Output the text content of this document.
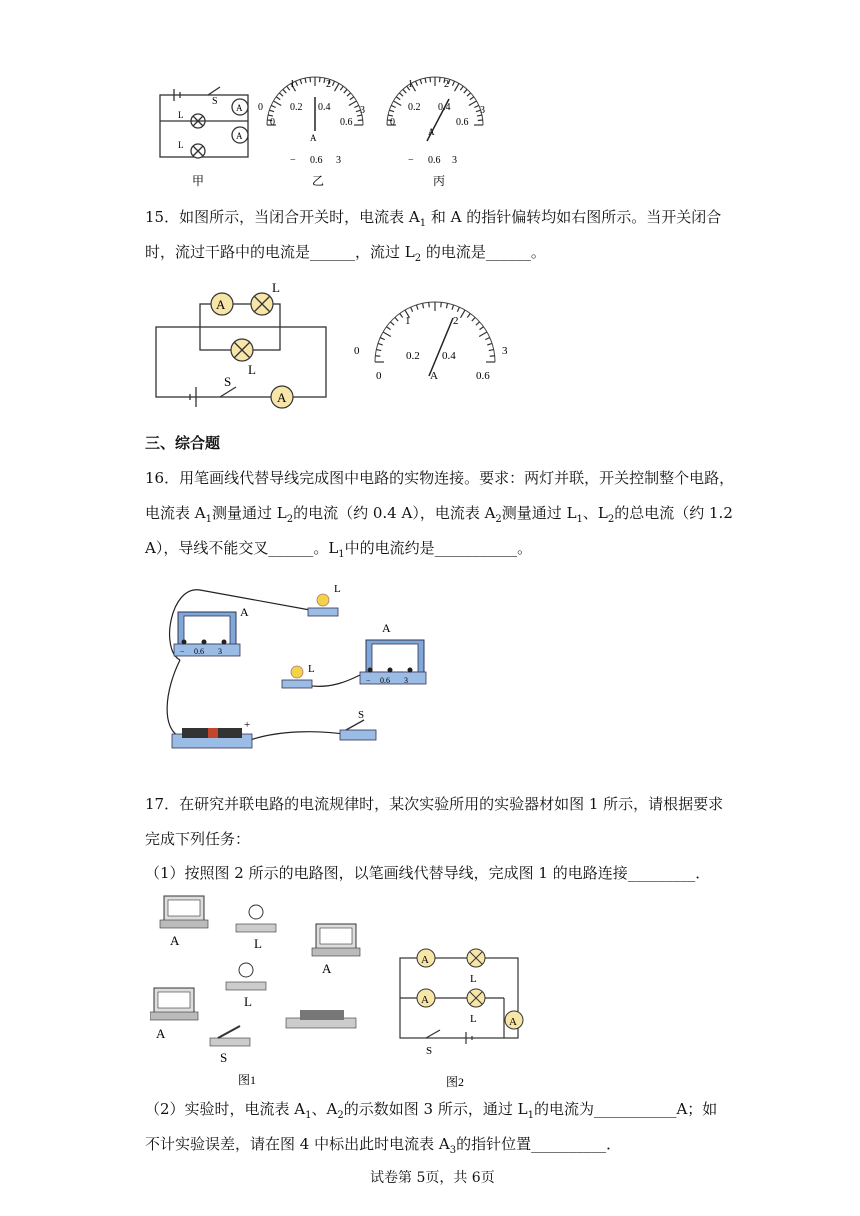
S
A
A
L
L
甲
1	2
0	0.2 0.4	3
0.6
0
A
− 0.6 3
乙
1	2
0.2 0.4	3
0	0.6
A
− 0.6 3
丙
15．如图所示，当闭合开关时，电流表 $A_1$ 和 A 的指针偏转均如右图所示。当开关闭合
时，流过干路中的电流是______，流过 $L_2$ 的电流是______。
A
L
L
S
A
1	2
0	0.2 0.4	3
0	A	0.6
三、综合题
16．用笔画线代替导线完成图中电路的实物连接。要求：两灯并联，开关控制整个电路，
电流表 $A_1$测量通过 $L_2$的电流（约 0.4 A），电流表 $A_2$测量通过 $L_1$、$L_2$的总电流（约 1.2
A），导线不能交叉______。$L_1$中的电流约是___________。
A
− 0.6 3
L
A
− 0.6 3
L
+
S
17．在研究并联电路的电流规律时，某次实验所用的实验器材如图 1 所示，请根据要求
完成下列任务：
（1）按照图 2 所示的电路图，以笔画线代替导线，完成图 1 的电路连接_________．
A	L
A
L
A
S
图1
A
L
A
L	A
S
图2
（2）实验时，电流表 $A_1$、$A_2$的示数如图 3 所示，通过 $L_1$的电流为___________A；如
不计实验误差，请在图 4 中标出此时电流表 $A_3$的指针位置__________．
试卷第 5页，共 6页
